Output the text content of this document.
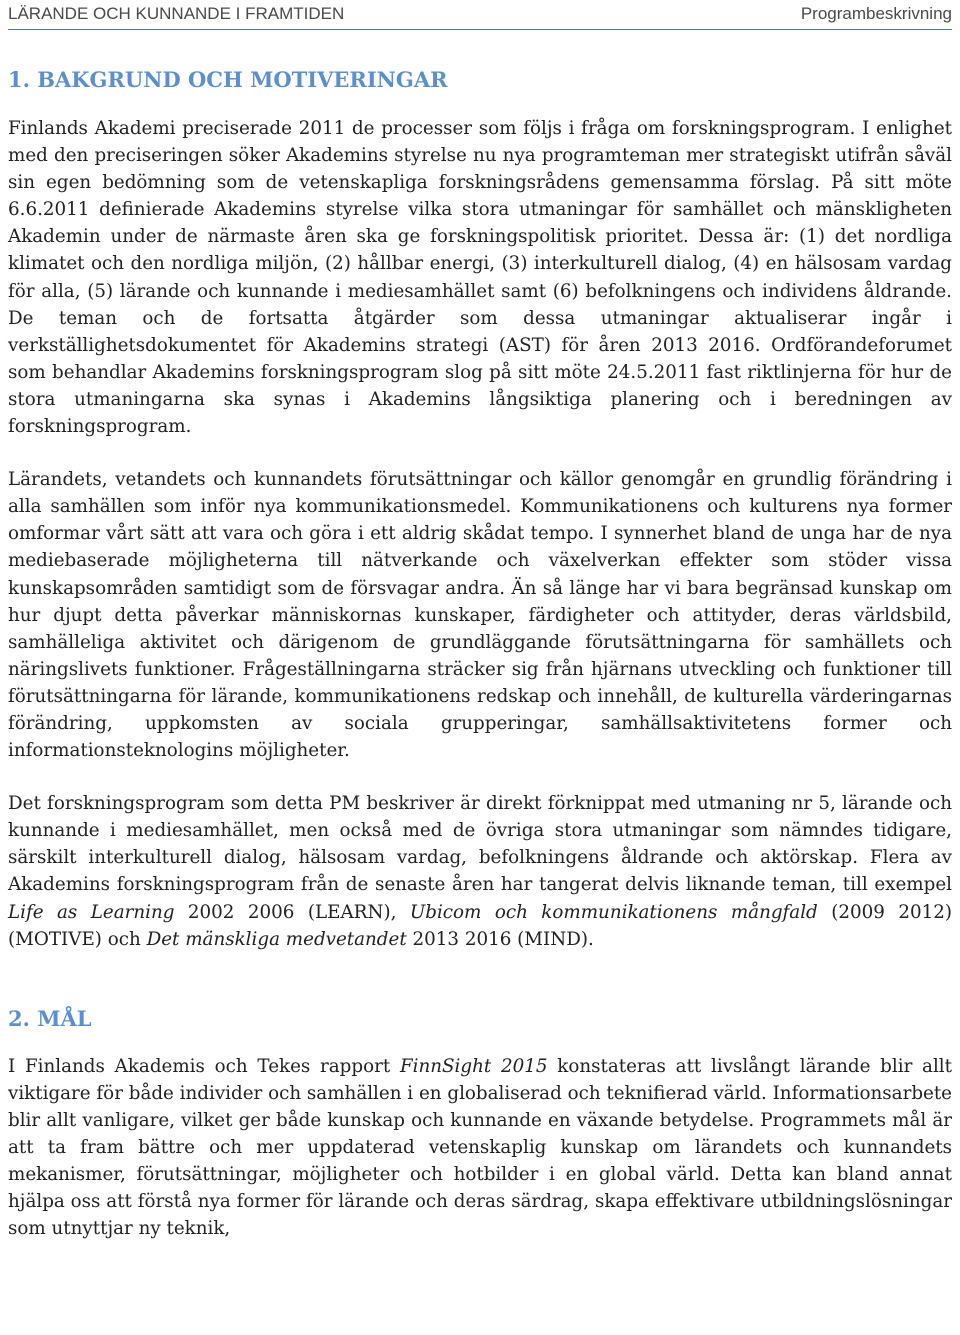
LÄRANDE OCH KUNNANDE I FRAMTIDEN	Programbeskrivning
1. BAKGRUND OCH MOTIVERINGAR

Finlands Akademi preciserade 2011 de processer som följs i fråga om forskningsprogram. I enlighet med den preciseringen söker Akademins styrelse nu nya programteman mer strategiskt utifrån såväl sin egen bedömning som de vetenskapliga forskningsrådens gemensamma förslag. På sitt möte 6.6.2011 definierade Akademins styrelse vilka stora utmaningar för samhället och mänskligheten Akademin under de närmaste åren ska ge forskningspolitisk prioritet. Dessa är: (1) det nordliga klimatet och den nordliga miljön, (2) hållbar energi, (3) interkulturell dialog, (4) en hälsosam vardag för alla, (5) lärande och kunnande i mediesamhället samt (6) befolkningens och individens åldrande. De teman och de fortsatta åtgärder som dessa utmaningar aktualiserar ingår i verkställighetsdokumentet för Akademins strategi (AST) för åren 2013 2016. Ordförandeforumet som behandlar Akademins forskningsprogram slog på sitt möte 24.5.2011 fast riktlinjerna för hur de stora utmaningarna ska synas i Akademins långsiktiga planering och i beredningen av forskningsprogram.

Lärandets, vetandets och kunnandets förutsättningar och källor genomgår en grundlig förändring i alla samhällen som inför nya kommunikationsmedel. Kommunikationens och kulturens nya former omformar vårt sätt att vara och göra i ett aldrig skådat tempo. I synnerhet bland de unga har de nya mediebaserade möjligheterna till nätverkande och växelverkan effekter som stöder vissa kunskapsområden samtidigt som de försvagar andra. Än så länge har vi bara begränsad kunskap om hur djupt detta påverkar människornas kunskaper, färdigheter och attityder, deras världsbild, samhälleliga aktivitet och därigenom de grundläggande förutsättningarna för samhällets och näringslivets funktioner. Frågeställningarna sträcker sig från hjärnans utveckling och funktioner till förutsättningarna för lärande, kommunikationens redskap och innehåll, de kulturella värderingarnas förändring, uppkomsten av sociala grupperingar, samhällsaktivitetens former och informationsteknologins möjligheter.

Det forskningsprogram som detta PM beskriver är direkt förknippat med utmaning nr 5, lärande och kunnande i mediesamhället, men också med de övriga stora utmaningar som nämndes tidigare, särskilt interkulturell dialog, hälsosam vardag, befolkningens åldrande och aktörskap. Flera av Akademins forskningsprogram från de senaste åren har tangerat delvis liknande teman, till exempel Life as Learning 2002 2006 (LEARN), Ubicom och kommunikationens mångfald (2009 2012) (MOTIVE) och Det mänskliga medvetandet 2013 2016 (MIND).

2. MÅL

I Finlands Akademis och Tekes rapport FinnSight 2015 konstateras att livslångt lärande blir allt viktigare för både individer och samhällen i en globaliserad och teknifierad värld. Informationsarbete blir allt vanligare, vilket ger både kunskap och kunnande en växande betydelse. Programmets mål är att ta fram bättre och mer uppdaterad vetenskaplig kunskap om lärandets och kunnandets mekanismer, förutsättningar, möjligheter och hotbilder i en global värld. Detta kan bland annat hjälpa oss att förstå nya former för lärande och deras särdrag, skapa effektivare utbildningslösningar som utnyttjar ny teknik,
